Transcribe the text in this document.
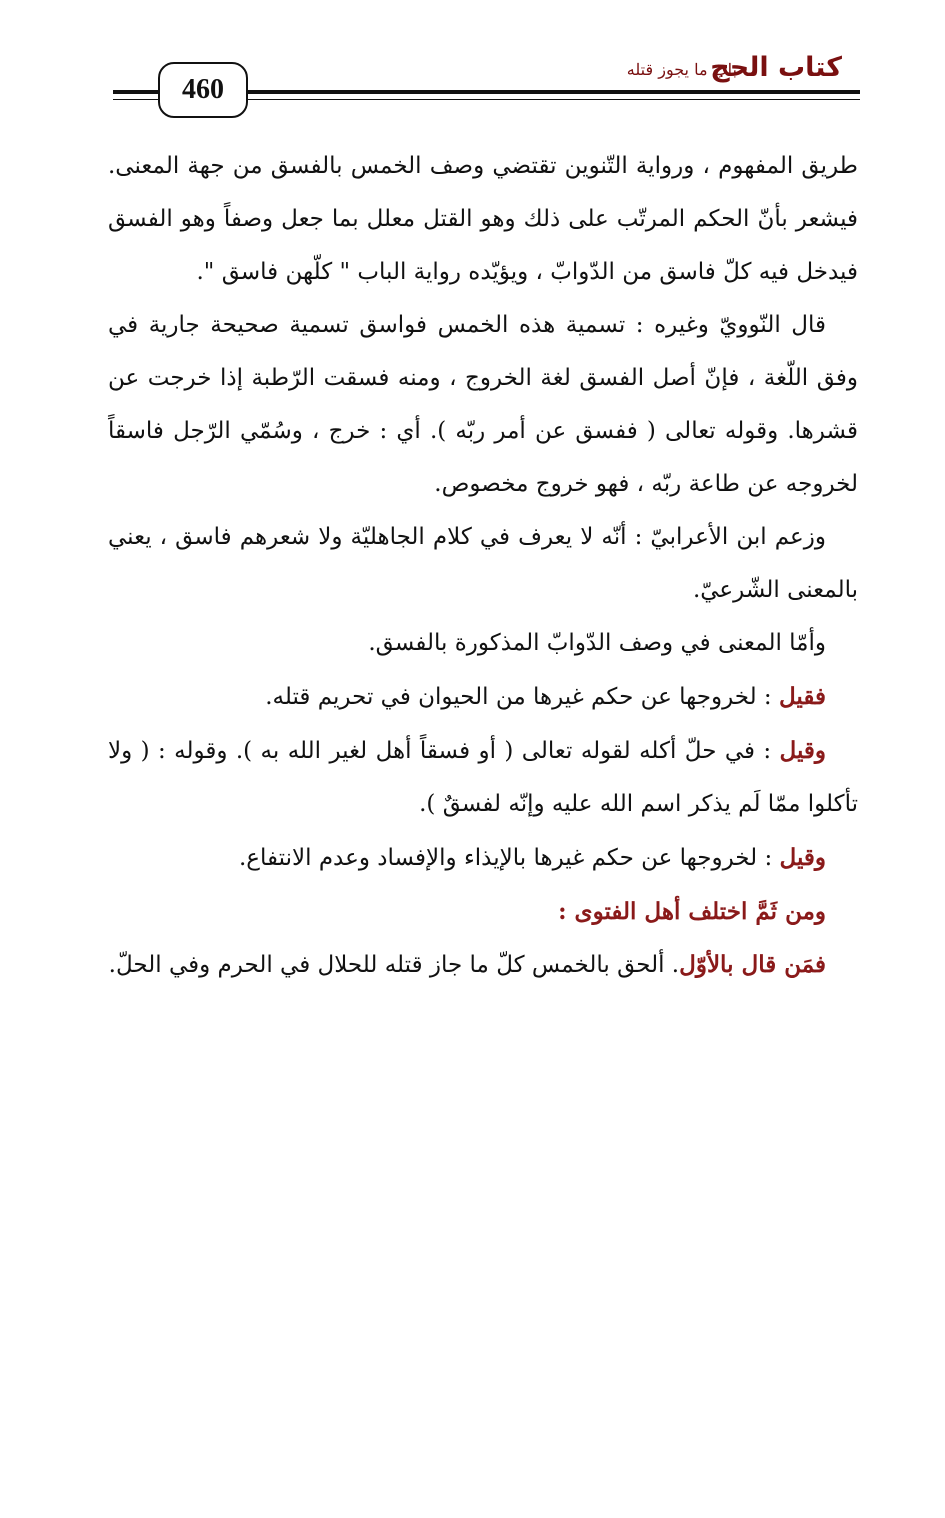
كتاب الحج
باب ما يجوز قتله
460

طريق المفهوم ، ورواية التّنوين تقتضي وصف الخمس بالفسق من جهة المعنى. فيشعر بأنّ الحكم المرتّب على ذلك وهو القتل معلل بما جعل وصفاً وهو الفسق فيدخل فيه كلّ فاسق من الدّوابّ ، ويؤيّده رواية الباب " كلّهن فاسق ".

قال النّوويّ وغيره : تسمية هذه الخمس فواسق تسمية صحيحة جارية في وفق اللّغة ، فإنّ أصل الفسق لغة الخروج ، ومنه فسقت الرّطبة إذا خرجت عن قشرها. وقوله تعالى ( ففسق عن أمر ربّه ). أي : خرج ، وسُمّي الرّجل فاسقاً لخروجه عن طاعة ربّه ، فهو خروج مخصوص.

وزعم ابن الأعرابيّ : أنّه لا يعرف في كلام الجاهليّة ولا شعرهم فاسق ، يعني بالمعنى الشّرعيّ.

وأمّا المعنى في وصف الدّوابّ المذكورة بالفسق.

فقيل : لخروجها عن حكم غيرها من الحيوان في تحريم قتله.

وقيل : في حلّ أكله لقوله تعالى ( أو فسقاً أهل لغير الله به ). وقوله : ( ولا تأكلوا ممّا لَم يذكر اسم الله عليه وإنّه لفسقٌ ).

وقيل : لخروجها عن حكم غيرها بالإيذاء والإفساد وعدم الانتفاع.

ومن ثَمَّ اختلف أهل الفتوى :

فمَن قال بالأوّل. ألحق بالخمس كلّ ما جاز قتله للحلال في الحرم وفي الحلّ.
